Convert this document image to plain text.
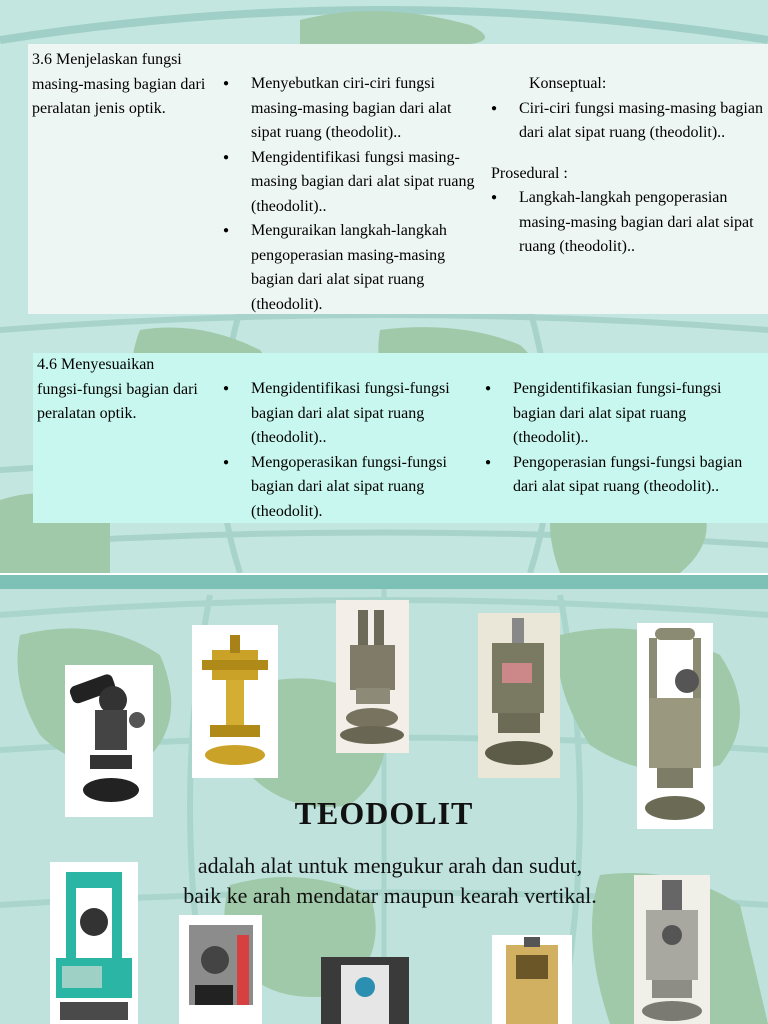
3.6 Menjelaskan fungsi masing-masing bagian dari peralatan jenis optik.

● Menyebutkan ciri-ciri fungsi masing-masing bagian dari alat sipat ruang (theodolit)..
● Mengidentifikasi fungsi masing-masing bagian dari alat sipat ruang (theodolit)..
● Menguraikan langkah-langkah pengoperasian masing-masing bagian dari alat sipat ruang (theodolit).

Konseptual:

● Ciri-ciri fungsi masing-masing bagian dari alat sipat ruang (theodolit)..

Prosedural :

● Langkah-langkah pengoperasian masing-masing bagian dari alat sipat ruang (theodolit)..

4.6 Menyesuaikan fungsi-fungsi bagian dari peralatan optik.

● Mengidentifikasi fungsi-fungsi bagian dari alat sipat ruang (theodolit)..
● Mengoperasikan fungsi-fungsi bagian dari alat sipat ruang (theodolit).
● Pengidentifikasian fungsi-fungsi bagian dari alat sipat ruang (theodolit)..
● Pengoperasian fungsi-fungsi bagian dari alat sipat ruang (theodolit)..
TEODOLIT
adalah alat untuk mengukur arah dan sudut,
baik ke arah mendatar maupun kearah vertikal.
